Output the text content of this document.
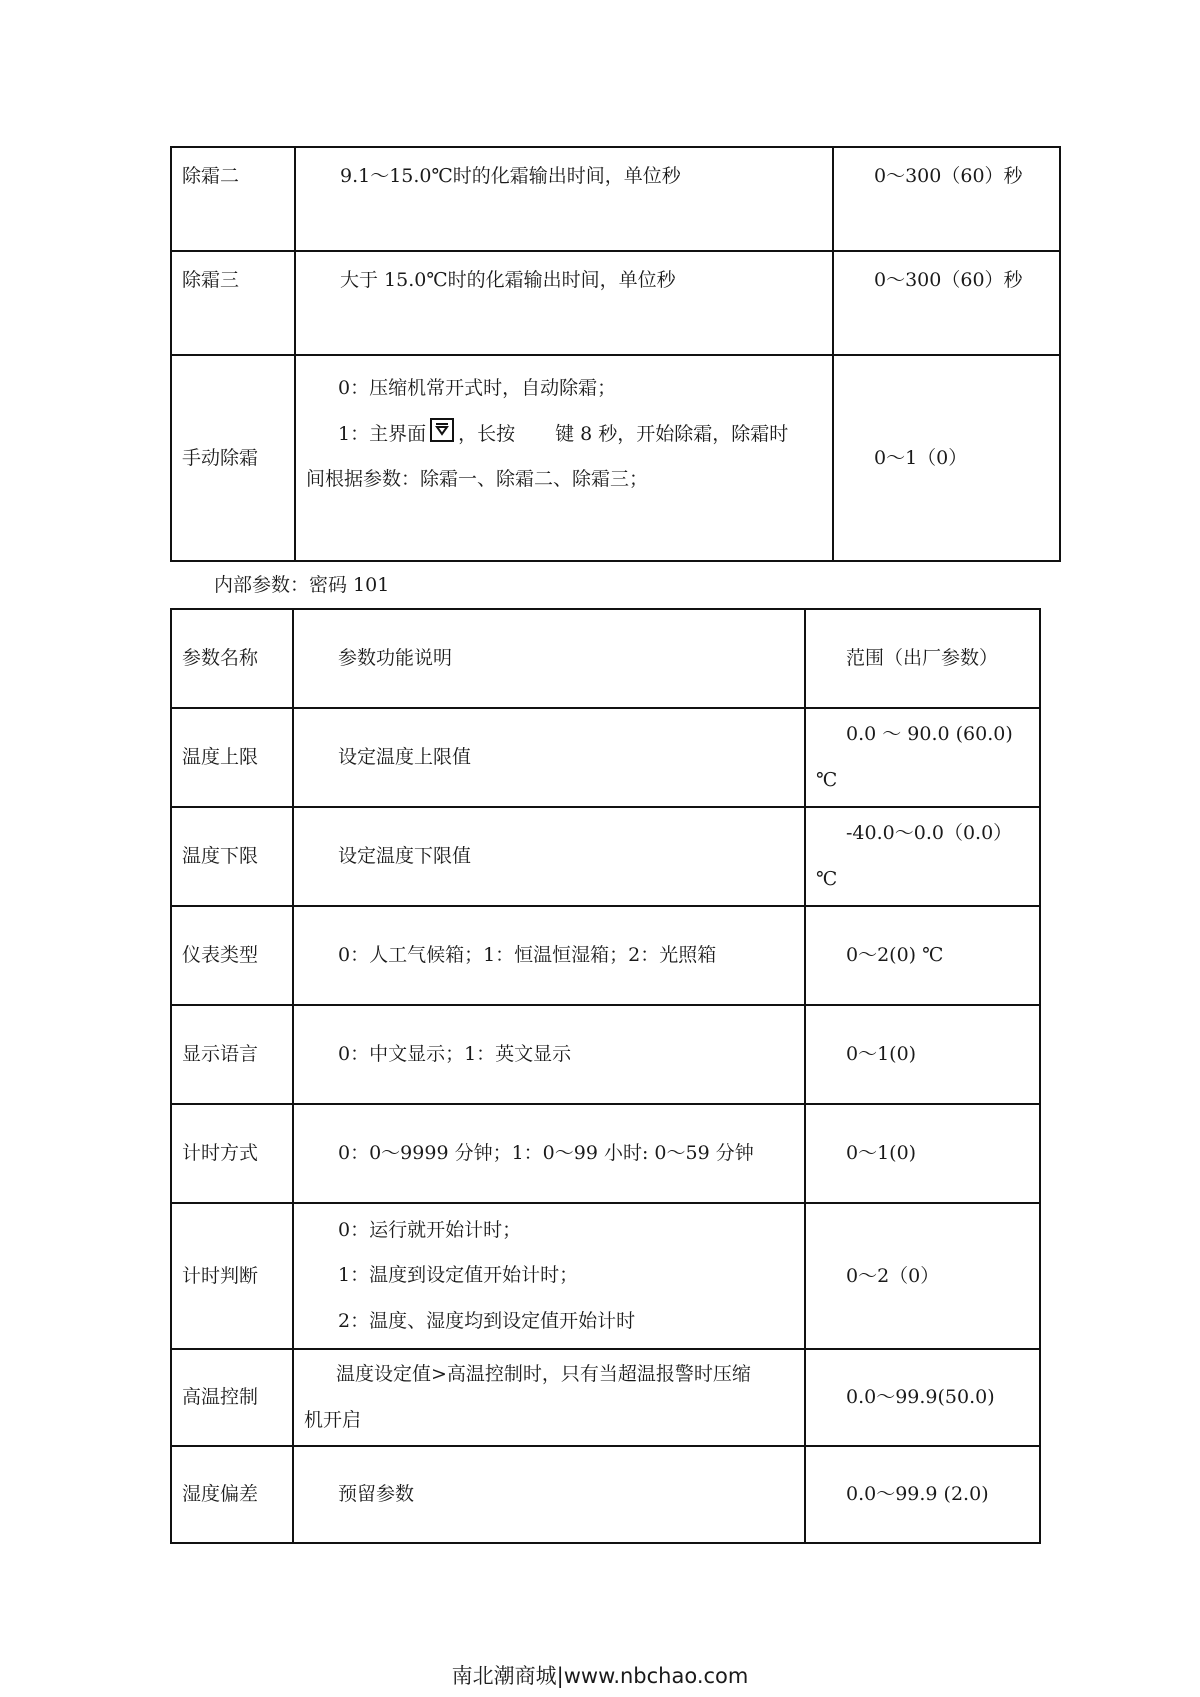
除霜二	9.1～15.0℃时的化霜输出时间，单位秒	0～300（60）秒
除霜三	大于 15.0℃时的化霜输出时间，单位秒	0～300（60）秒
手动除霜	0：压缩机常开式时，自动除霜；

1：主界面 ，长按 键 8 秒，开始除霜，除霜时

间根据参数：除霜一、除霜二、除霜三；	0～1（0）
内部参数：密码 101
参数名称	参数功能说明	范围（出厂参数）
温度上限	设定温度上限值	0.0 ～ 90.0 (60.0)

℃

温度下限	设定温度下限值	-40.0～0.0（0.0）

℃

仪表类型	0：人工气候箱；1：恒温恒湿箱；2：光照箱	0～2(0) ℃
显示语言	0：中文显示；1：英文显示	0～1(0)
计时方式	0：0～9999 分钟；1：0～99 小时: 0～59 分钟	0～1(0)
计时判断	0：运行就开始计时；

1：温度到设定值开始计时；

2：温度、湿度均到设定值开始计时	0～2（0）
高温控制	温度设定值>高温控制时，只有当超温报警时压缩

机开启	0.0～99.9(50.0)
湿度偏差	预留参数	0.0～99.9 (2.0)
南北潮商城|www.nbchao.com
